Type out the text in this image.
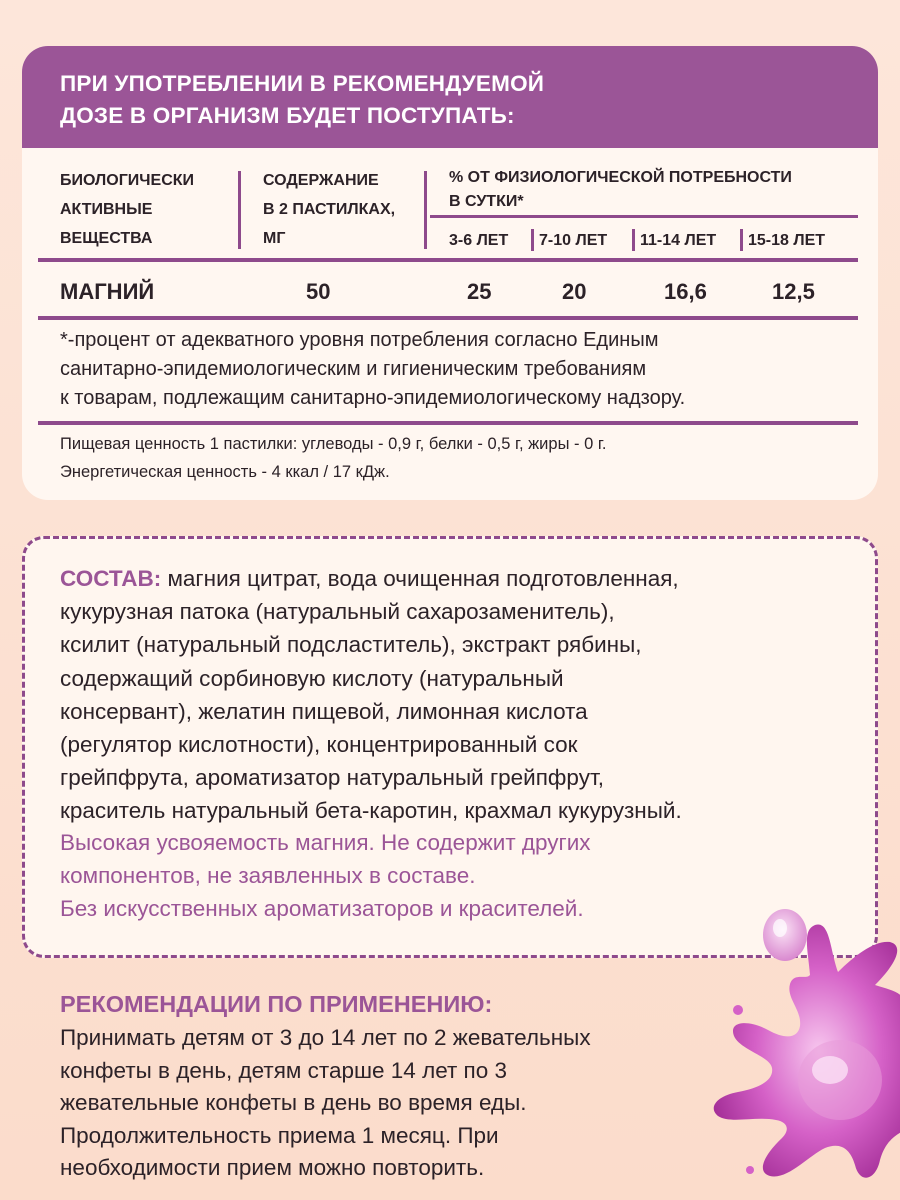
ПРИ УПОТРЕБЛЕНИИ В РЕКОМЕНДУЕМОЙ
ДОЗЕ В ОРГАНИЗМ БУДЕТ ПОСТУПАТЬ:
БИОЛОГИЧЕСКИ
АКТИВНЫЕ
ВЕЩЕСТВА
СОДЕРЖАНИЕ
В 2 ПАСТИЛКАХ,
МГ
% ОТ ФИЗИОЛОГИЧЕСКОЙ ПОТРЕБНОСТИ
В СУТКИ*
3-6 ЛЕТ 7-10 ЛЕТ 11-14 ЛЕТ 15-18 ЛЕТ
МАГНИЙ	50	25	20	16,6	12,5
*-процент от адекватного уровня потребления согласно Единым
санитарно-эпидемиологическим и гигиеническим требованиям
к товарам, подлежащим санитарно-эпидемиологическому надзору.
Пищевая ценность 1 пастилки: углеводы - 0,9 г, белки - 0,5 г, жиры - 0 г.
Энергетическая ценность - 4 ккал / 17 кДж.
СОСТАВ: магния цитрат, вода очищенная подготовленная,
кукурузная патока (натуральный сахарозаменитель),
ксилит (натуральный подсластитель), экстракт рябины,
содержащий сорбиновую кислоту (натуральный
консервант), желатин пищевой, лимонная кислота
(регулятор кислотности), концентрированный сок
грейпфрута, ароматизатор натуральный грейпфрут,
краситель натуральный бета-каротин, крахмал кукурузный.
Высокая усвояемость магния. Не содержит других
компонентов, не заявленных в составе.
Без искусственных ароматизаторов и красителей.
РЕКОМЕНДАЦИИ ПО ПРИМЕНЕНИЮ:
Принимать детям от 3 до 14 лет по 2 жевательных
конфеты в день, детям старше 14 лет по 3
жевательные конфеты в день во время еды.
Продолжительность приема 1 месяц. При
необходимости прием можно повторить.
